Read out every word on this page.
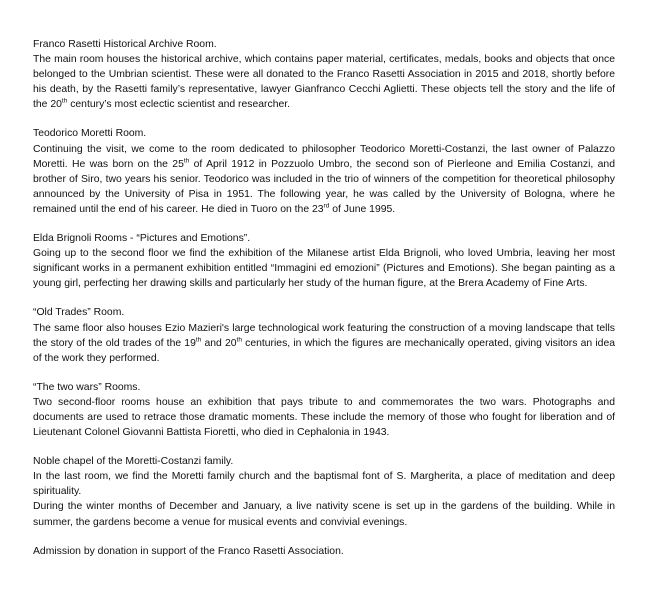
Franco Rasetti Historical Archive Room.

The main room houses the historical archive, which contains paper material, certificates, medals, books and objects that once belonged to the Umbrian scientist. These were all donated to the Franco Rasetti Association in 2015 and 2018, shortly before his death, by the Rasetti family’s representative, lawyer Gianfranco Cecchi Aglietti. These objects tell the story and the life of the 20th century’s most eclectic scientist and researcher.

Teodorico Moretti Room.

Continuing the visit, we come to the room dedicated to philosopher Teodorico Moretti-Costanzi, the last owner of Palazzo Moretti. He was born on the 25th of April 1912 in Pozzuolo Umbro, the second son of Pierleone and Emilia Costanzi, and brother of Siro, two years his senior. Teodorico was included in the trio of winners of the competition for theoretical philosophy announced by the University of Pisa in 1951. The following year, he was called by the University of Bologna, where he remained until the end of his career. He died in Tuoro on the 23rd of June 1995.

Elda Brignoli Rooms - “Pictures and Emotions”.

Going up to the second floor we find the exhibition of the Milanese artist Elda Brignoli, who loved Umbria, leaving her most significant works in a permanent exhibition entitled “Immagini ed emozioni” (Pictures and Emotions). She began painting as a young girl, perfecting her drawing skills and particularly her study of the human figure, at the Brera Academy of Fine Arts.

“Old Trades” Room.

The same floor also houses Ezio Mazieri's large technological work featuring the construction of a moving landscape that tells the story of the old trades of the 19th and 20th centuries, in which the figures are mechanically operated, giving visitors an idea of the work they performed.

“The two wars” Rooms.

Two second-floor rooms house an exhibition that pays tribute to and commemorates the two wars. Photographs and documents are used to retrace those dramatic moments. These include the memory of those who fought for liberation and of Lieutenant Colonel Giovanni Battista Fioretti, who died in Cephalonia in 1943.

Noble chapel of the Moretti-Costanzi family.

In the last room, we find the Moretti family church and the baptismal font of S. Margherita, a place of meditation and deep spirituality.

During the winter months of December and January, a live nativity scene is set up in the gardens of the building. While in summer, the gardens become a venue for musical events and convivial evenings.

Admission by donation in support of the Franco Rasetti Association.
